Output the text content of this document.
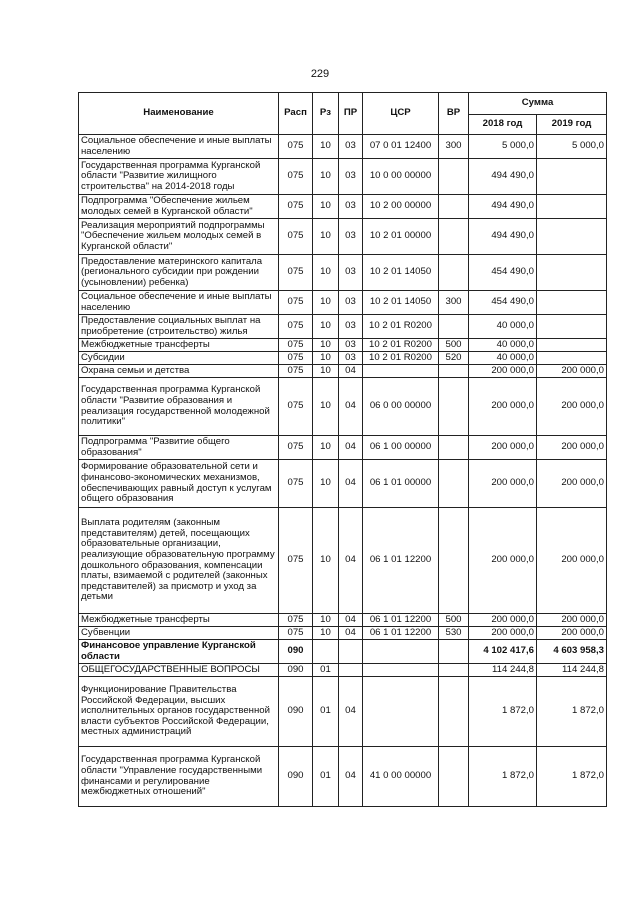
229
Наименование	Расп	Рз	ПР	ЦСР	ВР	Сумма	
						2018 год	2019 год
Социальное обеспечение и иные выплаты населению	075	10	03	07 0 01 12400	300	5 000,0	5 000,0
Государственная программа Курганской области "Развитие жилищного строительства" на 2014-2018 годы	075	10	03	10 0 00 00000		494 490,0	
Подпрограмма "Обеспечение жильем молодых семей в Курганской области"	075	10	03	10 2 00 00000		494 490,0	
Реализация мероприятий подпрограммы "Обеспечение жильем молодых семей в Курганской области"	075	10	03	10 2 01 00000		494 490,0	
Предоставление материнского капитала (регионального субсидии при рождении (усыновлении) ребенка)	075	10	03	10 2 01 14050		454 490,0	
Социальное обеспечение и иные выплаты населению	075	10	03	10 2 01 14050	300	454 490,0	
Предоставление социальных выплат на приобретение (строительство) жилья	075	10	03	10 2 01 R0200		40 000,0	
Межбюджетные трансферты	075	10	03	10 2 01 R0200	500	40 000,0	
Субсидии	075	10	03	10 2 01 R0200	520	40 000,0	
Охрана семьи и детства	075	10	04			200 000,0	200 000,0
Государственная программа Курганской области "Развитие образования и реализация государственной молодежной политики"	075	10	04	06 0 00 00000		200 000,0	200 000,0
Подпрограмма "Развитие общего образования"	075	10	04	06 1 00 00000		200 000,0	200 000,0
Формирование образовательной сети и финансово-экономических механизмов, обеспечивающих равный доступ к услугам общего образования	075	10	04	06 1 01 00000		200 000,0	200 000,0
Выплата родителям (законным представителям) детей, посещающих образовательные организации, реализующие образовательную программу дошкольного образования, компенсации платы, взимаемой с родителей (законных представителей) за присмотр и уход за детьми	075	10	04	06 1 01 12200		200 000,0	200 000,0
Межбюджетные трансферты	075	10	04	06 1 01 12200	500	200 000,0	200 000,0
Субвенции	075	10	04	06 1 01 12200	530	200 000,0	200 000,0
Финансовое управление Курганской области	090					4 102 417,6	4 603 958,3
ОБЩЕГОСУДАРСТВЕННЫЕ ВОПРОСЫ	090	01				114 244,8	114 244,8
Функционирование Правительства Российской Федерации, высших исполнительных органов государственной власти субъектов Российской Федерации, местных администраций	090	01	04			1 872,0	1 872,0
Государственная программа Курганской области "Управление государственными финансами и регулирование межбюджетных отношений"	090	01	04	41 0 00 00000		1 872,0	1 872,0
